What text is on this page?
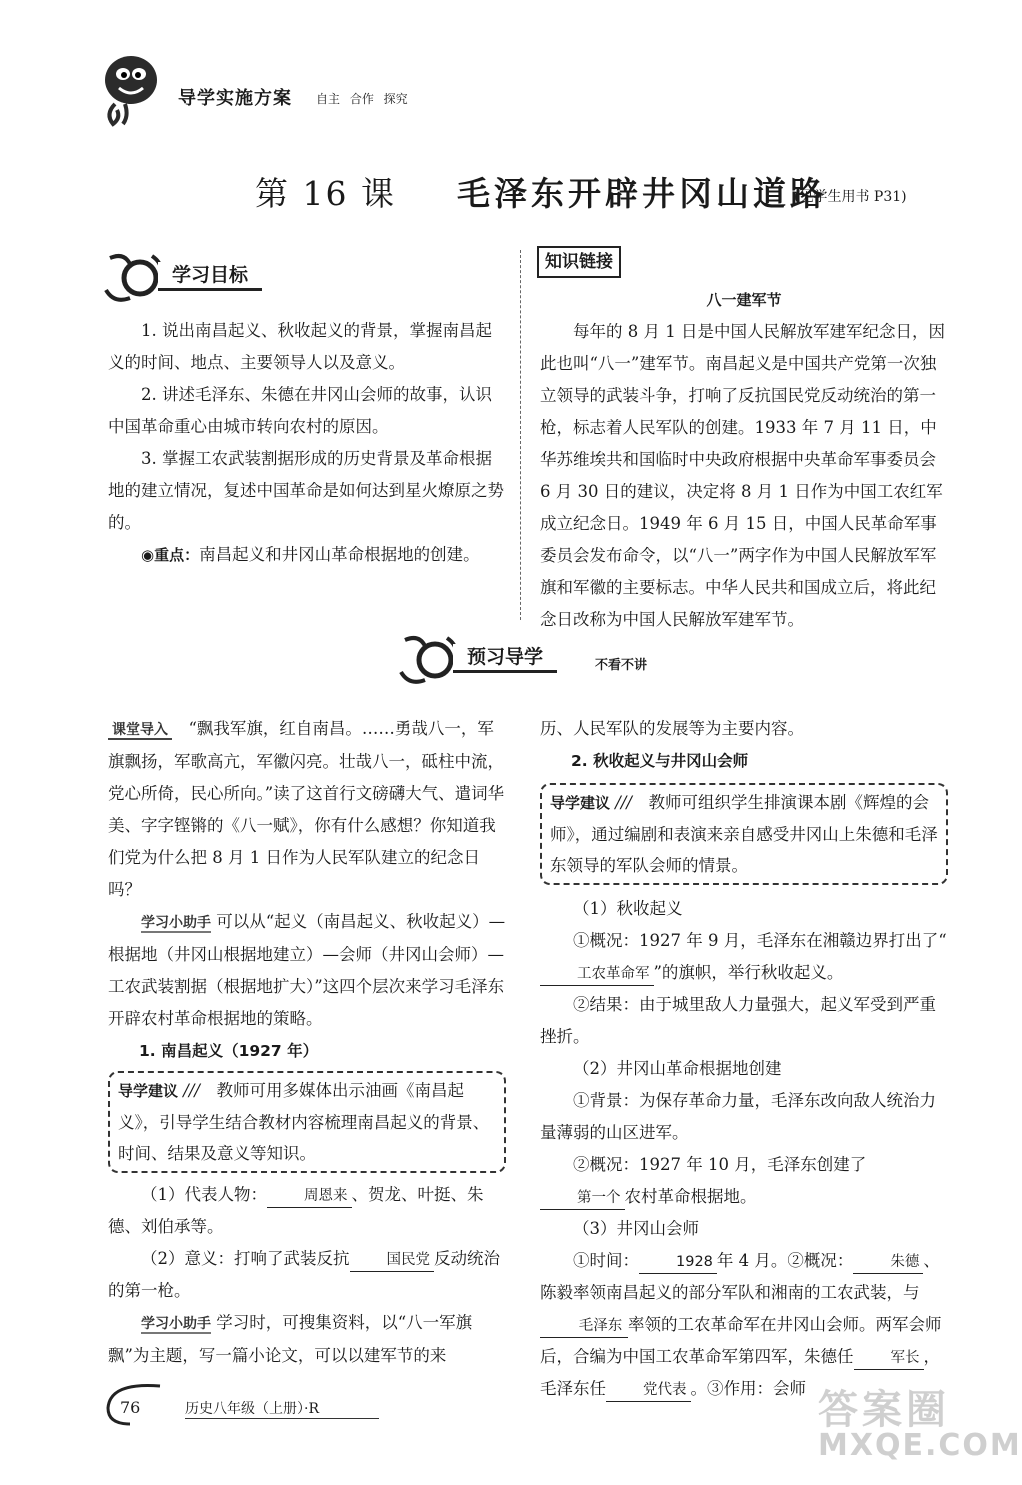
导学实施方案 自主 合作 探究
第 16 课 毛泽东开辟井冈山道路
(见学生用书 P31)
学习目标

1. 说出南昌起义、秋收起义的背景，掌握南昌起义的时间、地点、主要领导人以及意义。

2. 讲述毛泽东、朱德在井冈山会师的故事，认识中国革命重心由城市转向农村的原因。

3. 掌握工农武装割据形成的历史背景及革命根据地的建立情况，复述中国革命是如何达到星火燎原之势的。

◉重点：南昌起义和井冈山革命根据地的创建。

知识链接

八一建军节

每年的 8 月 1 日是中国人民解放军建军纪念日，因此也叫“八一”建军节。南昌起义是中国共产党第一次独立领导的武装斗争，打响了反抗国民党反动统治的第一枪，标志着人民军队的创建。1933 年 7 月 11 日，中华苏维埃共和国临时中央政府根据中央革命军事委员会 6 月 30 日的建议，决定将 8 月 1 日作为中国工农红军成立纪念日。1949 年 6 月 15 日，中国人民革命军事委员会发布命令，以“八一”两字作为中国人民解放军军旗和军徽的主要标志。中华人民共和国成立后，将此纪念日改称为中国人民解放军建军节。

预习导学	不看不讲

课堂导入　 “飘我军旗，红自南昌。……勇哉八一，军旗飘扬，军歌高亢，军徽闪亮。壮哉八一，砥柱中流，党心所倚，民心所向。”读了这首行文磅礴大气、遣词华美、字字铿锵的《八一赋》，你有什么感想？你知道我们党为什么把 8 月 1 日作为人民军队建立的纪念日吗？

学习小助手 可以从“起义（南昌起义、秋收起义）—根据地（井冈山根据地建立）—会师（井冈山会师）—工农武装割据（根据地扩大）”这四个层次来学习毛泽东开辟农村革命根据地的策略。

1. 南昌起义（1927 年）

导学建议 ///　 教师可用多媒体出示油画《南昌起义》，引导学生结合教材内容梳理南昌起义的背景、时间、结果及意义等知识。

（1）代表人物：	周恩来 、贺龙、叶挺、朱德、刘伯承等。

（2）意义：打响了武装反抗	国民党 反动统治的第一枪。

学习小助手 学习时，可搜集资料，以“八一军旗飘”为主题，写一篇小论文，可以以建军节的来

历、人民军队的发展等为主要内容。

2. 秋收起义与井冈山会师

导学建议 ///　 教师可组织学生排演课本剧《辉煌的会师》，通过编剧和表演来亲自感受井冈山上朱德和毛泽东领导的军队会师的情景。

（1）秋收起义

①概况：1927 年 9 月，毛泽东在湘赣边界打出了“工农革命军 ”的旗帜，举行秋收起义。

②结果：由于城里敌人力量强大，起义军受到严重挫折。

（2）井冈山革命根据地创建

①背景：为保存革命力量，毛泽东改向敌人统治力量薄弱的山区进军。

②概况：1927 年 10 月，毛泽东创建了第一个 农村革命根据地。

（3）井冈山会师

①时间：	1928 年 4 月。②概况：	朱德 、陈毅率领南昌起义的部分军队和湘南的工农武装，与毛泽东 率领的工农革命军在井冈山会师。两军会师后，合编为中国工农革命军第四军，朱德任	军长 ，毛泽东任	党代表 。③作用：会师

76	历史八年级（上册）·R	答案圈
MXQE.COM
